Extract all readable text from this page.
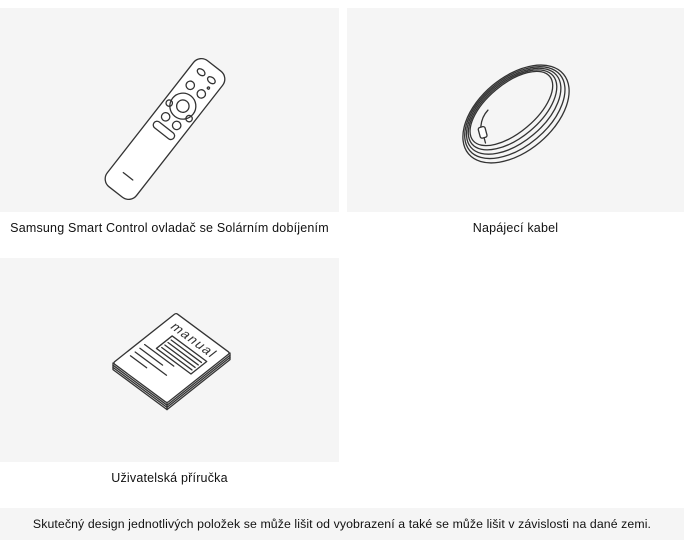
Samsung Smart Control ovladač se Solárním dobíjením	Napájecí kabel
manual
Uživatelská příručka

Skutečný design jednotlivých položek se může lišit od vyobrazení a také se může lišit v závislosti na dané zemi.
